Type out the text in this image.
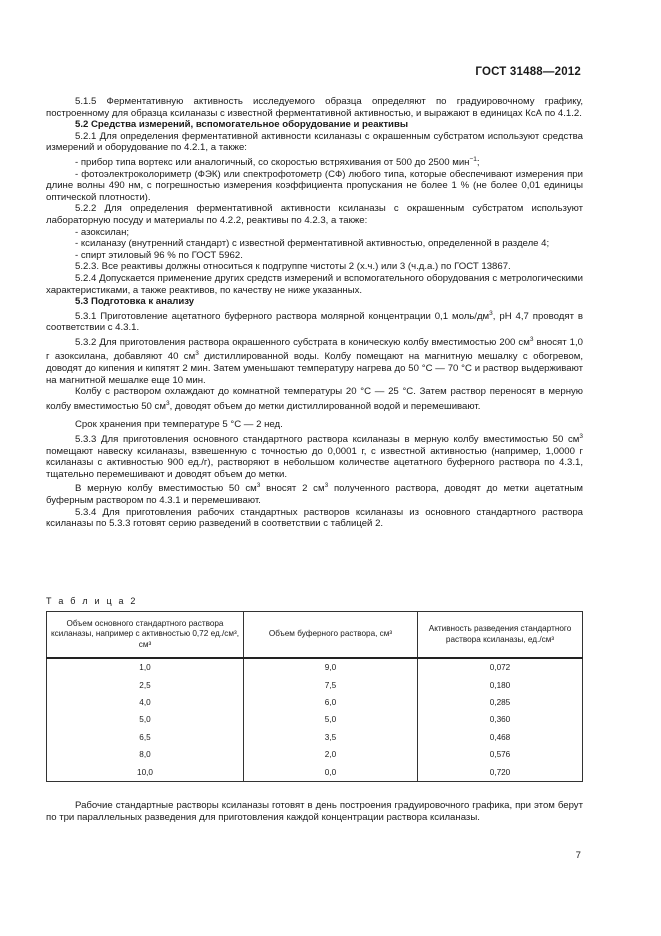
ГОСТ 31488—2012

5.1.5 Ферментативную активность исследуемого образца определяют по градуировочному графику, построенному для образца ксиланазы с известной ферментативной активностью, и выражают в единицах КсА по 4.1.2.

5.2 Средства измерений, вспомогательное оборудование и реактивы

5.2.1 Для определения ферментативной активности ксиланазы с окрашенным субстратом используют средства измерений и оборудование по 4.2.1, а также:

- прибор типа вортекс или аналогичный, со скоростью встряхивания от 500 до 2500 мин$^{-1}$;

- фотоэлектроколориметр (ФЭК) или спектрофотометр (СФ) любого типа, которые обеспечивают измерения при длине волны 490 нм, с погрешностью измерения коэффициента пропускания не более 1 % (не более 0,01 единицы оптической плотности).

5.2.2 Для определения ферментативной активности ксиланазы с окрашенным субстратом используют лабораторную посуду и материалы по 4.2.2, реактивы по 4.2.3, а также:

- азоксилан;

- ксиланазу (внутренний стандарт) с известной ферментативной активностью, определенной в разделе 4;

- спирт этиловый 96 % по ГОСТ 5962.

5.2.3. Все реактивы должны относиться к подгруппе чистоты 2 (х.ч.) или 3 (ч.д.а.) по ГОСТ 13867.

5.2.4 Допускается применение других средств измерений и вспомогательного оборудования с метрологическими характеристиками, а также реактивов, по качеству не ниже указанных.

5.3 Подготовка к анализу

5.3.1 Приготовление ацетатного буферного раствора молярной концентрации 0,1 моль/$дм^3$, pH 4,7 проводят в соответствии с 4.3.1.

5.3.2 Для приготовления раствора окрашенного субстрата в коническую колбу вместимостью 200 $см^3$ вносят 1,0 г азоксилана, добавляют 40 $см^3$ дистиллированной воды. Колбу помещают на магнитную мешалку с обогревом, доводят до кипения и кипятят 2 мин. Затем уменьшают температуру нагрева до 50 °С — 70 °С и раствор выдерживают на магнитной мешалке еще 10 мин.

Колбу с раствором охлаждают до комнатной температуры 20 °С — 25 °С. Затем раствор переносят в мерную колбу вместимостью 50 $см^3$, доводят объем до метки дистиллированной водой и перемешивают.

Срок хранения при температуре 5 °С — 2 нед.

5.3.3 Для приготовления основного стандартного раствора ксиланазы в мерную колбу вместимостью 50 $см^3$ помещают навеску ксиланазы, взвешенную с точностью до 0,0001 г, с известной активностью (например, 1,0000 г ксиланазы с активностью 900 ед./г), растворяют в небольшом количестве ацетатного буферного раствора по 4.3.1, тщательно перемешивают и доводят объем до метки.

В мерную колбу вместимостью 50 $см^3$ вносят 2 $см^3$ полученного раствора, доводят до метки ацетатным буферным раствором по 4.3.1 и перемешивают.

5.3.4 Для приготовления рабочих стандартных растворов ксиланазы из основного стандартного раствора ксиланазы по 5.3.3 готовят серию разведений в соответствии с таблицей 2.

Т а б л и ц а 2
Объем основного стандартного раствора ксиланазы, например с активностью 0,72 ед./см³, см³	Объем буферного раствора, см³	Активность разведения стандартного раствора ксиланазы, ед./см³
1,0	9,0	0,072
2,5	7,5	0,180
4,0	6,0	0,285
5,0	5,0	0,360
6,5	3,5	0,468
8,0	2,0	0,576
10,0	0,0	0,720

Рабочие стандартные растворы ксиланазы готовят в день построения градуировочного графика, при этом берут по три параллельных разведения для приготовления каждой концентрации раствора ксиланазы.

7
